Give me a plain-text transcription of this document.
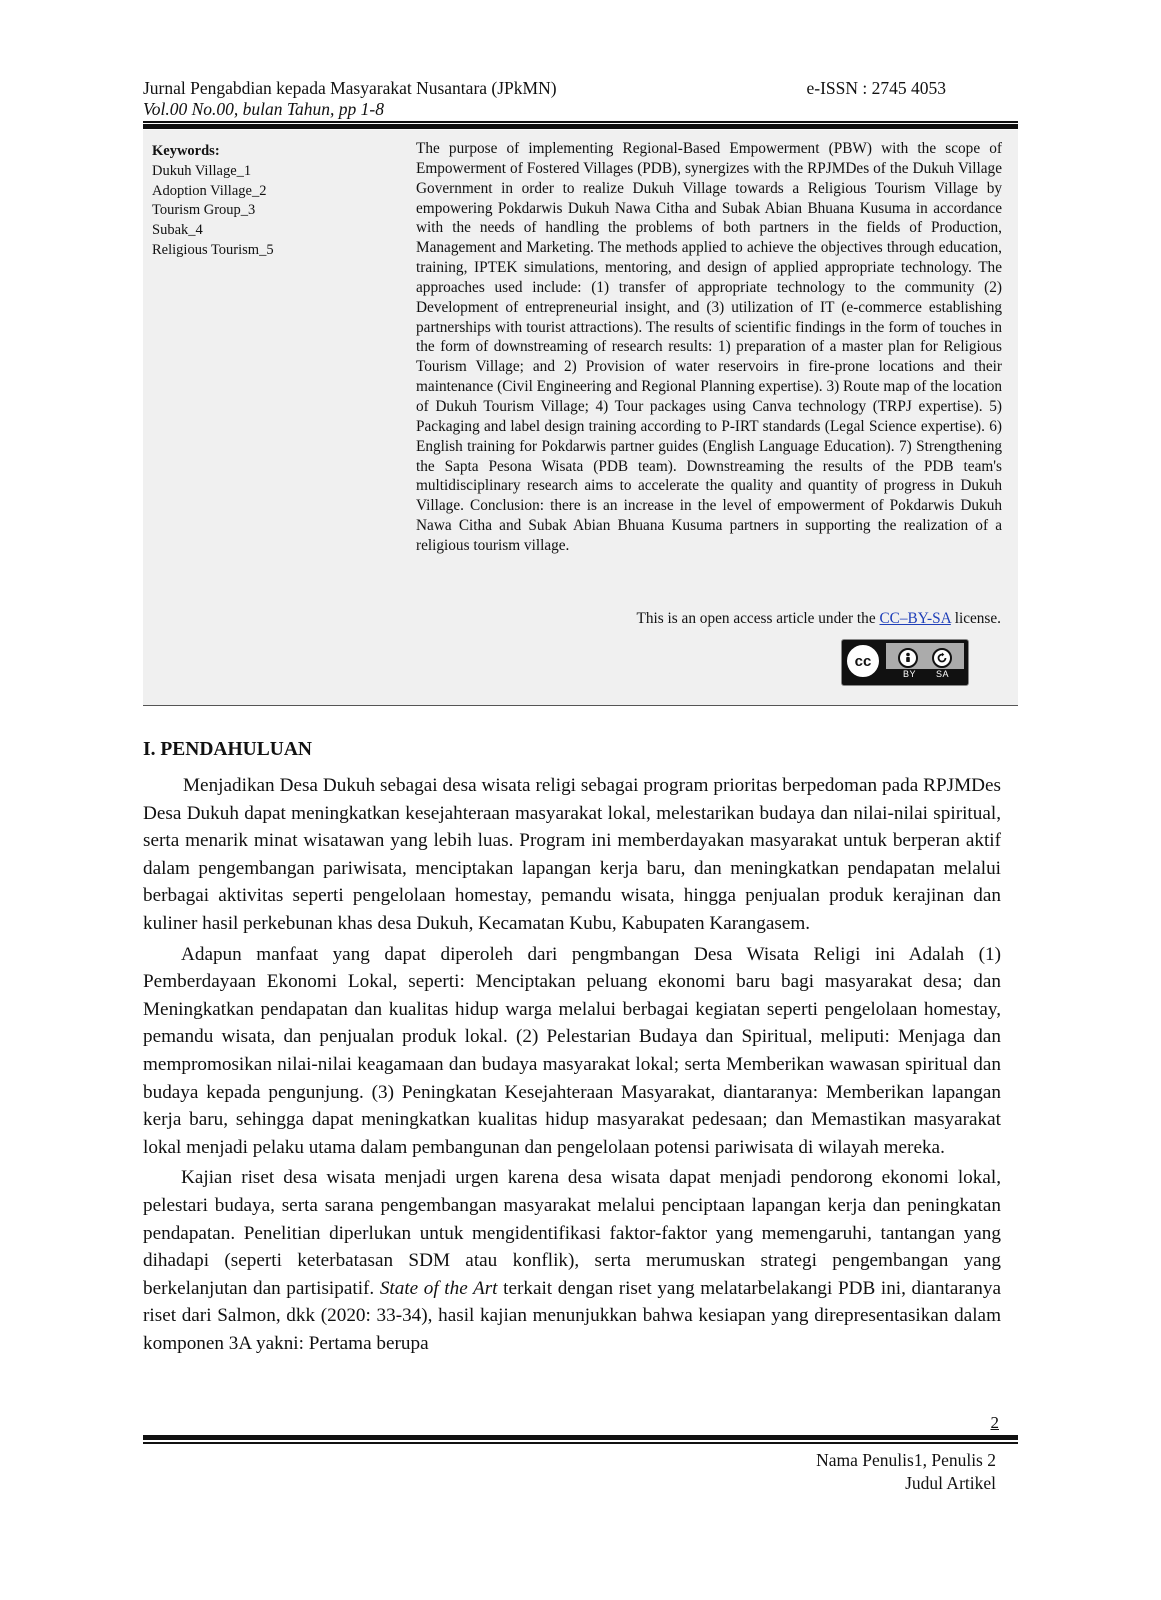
Jurnal Pengabdian kepada Masyarakat Nusantara (JPkMN)	e-ISSN : 2745 4053
Vol.00 No.00, bulan Tahun, pp 1-8
Keywords:
Dukuh Village_1
Adoption Village_2
Tourism Group_3
Subak_4
Religious Tourism_5
The purpose of implementing Regional-Based Empowerment (PBW) with the scope of Empowerment of Fostered Villages (PDB), synergizes with the RPJMDes of the Dukuh Village Government in order to realize Dukuh Village towards a Religious Tourism Village by empowering Pokdarwis Dukuh Nawa Citha and Subak Abian Bhuana Kusuma in accordance with the needs of handling the problems of both partners in the fields of Production, Management and Marketing. The methods applied to achieve the objectives through education, training, IPTEK simulations, mentoring, and design of applied appropriate technology. The approaches used include: (1) transfer of appropriate technology to the community (2) Development of entrepreneurial insight, and (3) utilization of IT (e-commerce establishing partnerships with tourist attractions). The results of scientific findings in the form of touches in the form of downstreaming of research results: 1) preparation of a master plan for Religious Tourism Village; and 2) Provision of water reservoirs in fire-prone locations and their maintenance (Civil Engineering and Regional Planning expertise). 3) Route map of the location of Dukuh Tourism Village; 4) Tour packages using Canva technology (TRPJ expertise). 5) Packaging and label design training according to P-IRT standards (Legal Science expertise). 6) English training for Pokdarwis partner guides (English Language Education). 7) Strengthening the Sapta Pesona Wisata (PDB team). Downstreaming the results of the PDB team's multidisciplinary research aims to accelerate the quality and quantity of progress in Dukuh Village. Conclusion: there is an increase in the level of empowerment of Pokdarwis Dukuh Nawa Citha and Subak Abian Bhuana Kusuma partners in supporting the realization of a religious tourism village.
This is an open access article under the CC–BY-SA license.
cc
BY SA
I. PENDAHULUAN

Menjadikan Desa Dukuh sebagai desa wisata religi sebagai program prioritas berpedoman pada RPJMDes Desa Dukuh dapat meningkatkan kesejahteraan masyarakat lokal, melestarikan budaya dan nilai-nilai spiritual, serta menarik minat wisatawan yang lebih luas. Program ini memberdayakan masyarakat untuk berperan aktif dalam pengembangan pariwisata, menciptakan lapangan kerja baru, dan meningkatkan pendapatan melalui berbagai aktivitas seperti pengelolaan homestay, pemandu wisata, hingga penjualan produk kerajinan dan kuliner hasil perkebunan khas desa Dukuh, Kecamatan Kubu, Kabupaten Karangasem.

Adapun manfaat yang dapat diperoleh dari pengmbangan Desa Wisata Religi ini Adalah (1) Pemberdayaan Ekonomi Lokal, seperti: Menciptakan peluang ekonomi baru bagi masyarakat desa; dan Meningkatkan pendapatan dan kualitas hidup warga melalui berbagai kegiatan seperti pengelolaan homestay, pemandu wisata, dan penjualan produk lokal. (2) Pelestarian Budaya dan Spiritual, meliputi: Menjaga dan mempromosikan nilai-nilai keagamaan dan budaya masyarakat lokal; serta Memberikan wawasan spiritual dan budaya kepada pengunjung. (3) Peningkatan Kesejahteraan Masyarakat, diantaranya: Memberikan lapangan kerja baru, sehingga dapat meningkatkan kualitas hidup masyarakat pedesaan; dan Memastikan masyarakat lokal menjadi pelaku utama dalam pembangunan dan pengelolaan potensi pariwisata di wilayah mereka.

Kajian riset desa wisata menjadi urgen karena desa wisata dapat menjadi pendorong ekonomi lokal, pelestari budaya, serta sarana pengembangan masyarakat melalui penciptaan lapangan kerja dan peningkatan pendapatan. Penelitian diperlukan untuk mengidentifikasi faktor-faktor yang memengaruhi, tantangan yang dihadapi (seperti keterbatasan SDM atau konflik), serta merumuskan strategi pengembangan yang berkelanjutan dan partisipatif. State of the Art terkait dengan riset yang melatarbelakangi PDB ini, diantaranya riset dari Salmon, dkk (2020: 33-34), hasil kajian menunjukkan bahwa kesiapan yang direpresentasikan dalam komponen 3A yakni: Pertama berupa

2
Nama Penulis1, Penulis 2
Judul Artikel
